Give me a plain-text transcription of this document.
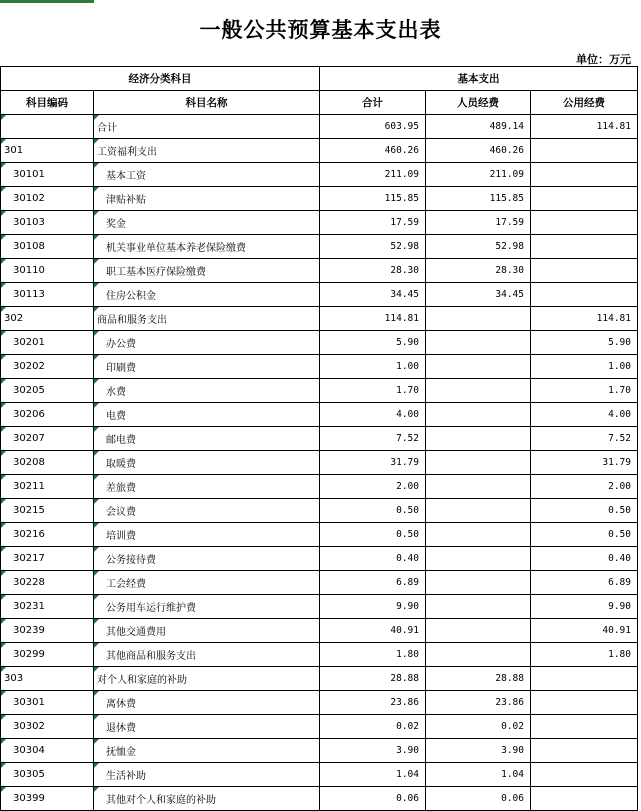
一般公共预算基本支出表
单位：万元
经济分类科目		基本支出		
科目编码	科目名称	合计	人员经费	公用经费
	合计	603.95	489.14	114.81
301	工资福利支出	460.26	460.26	
30101	基本工资	211.09	211.09	
30102	津贴补贴	115.85	115.85	
30103	奖金	17.59	17.59	
30108	机关事业单位基本养老保险缴费	52.98	52.98	
30110	职工基本医疗保险缴费	28.30	28.30	
30113	住房公积金	34.45	34.45	
302	商品和服务支出	114.81		114.81
30201	办公费	5.90		5.90
30202	印刷费	1.00		1.00
30205	水费	1.70		1.70
30206	电费	4.00		4.00
30207	邮电费	7.52		7.52
30208	取暖费	31.79		31.79
30211	差旅费	2.00		2.00
30215	会议费	0.50		0.50
30216	培训费	0.50		0.50
30217	公务接待费	0.40		0.40
30228	工会经费	6.89		6.89
30231	公务用车运行维护费	9.90		9.90
30239	其他交通费用	40.91		40.91
30299	其他商品和服务支出	1.80		1.80
303	对个人和家庭的补助	28.88	28.88	
30301	离休费	23.86	23.86	
30302	退休费	0.02	0.02	
30304	抚恤金	3.90	3.90	
30305	生活补助	1.04	1.04	
30399	其他对个人和家庭的补助	0.06	0.06	
